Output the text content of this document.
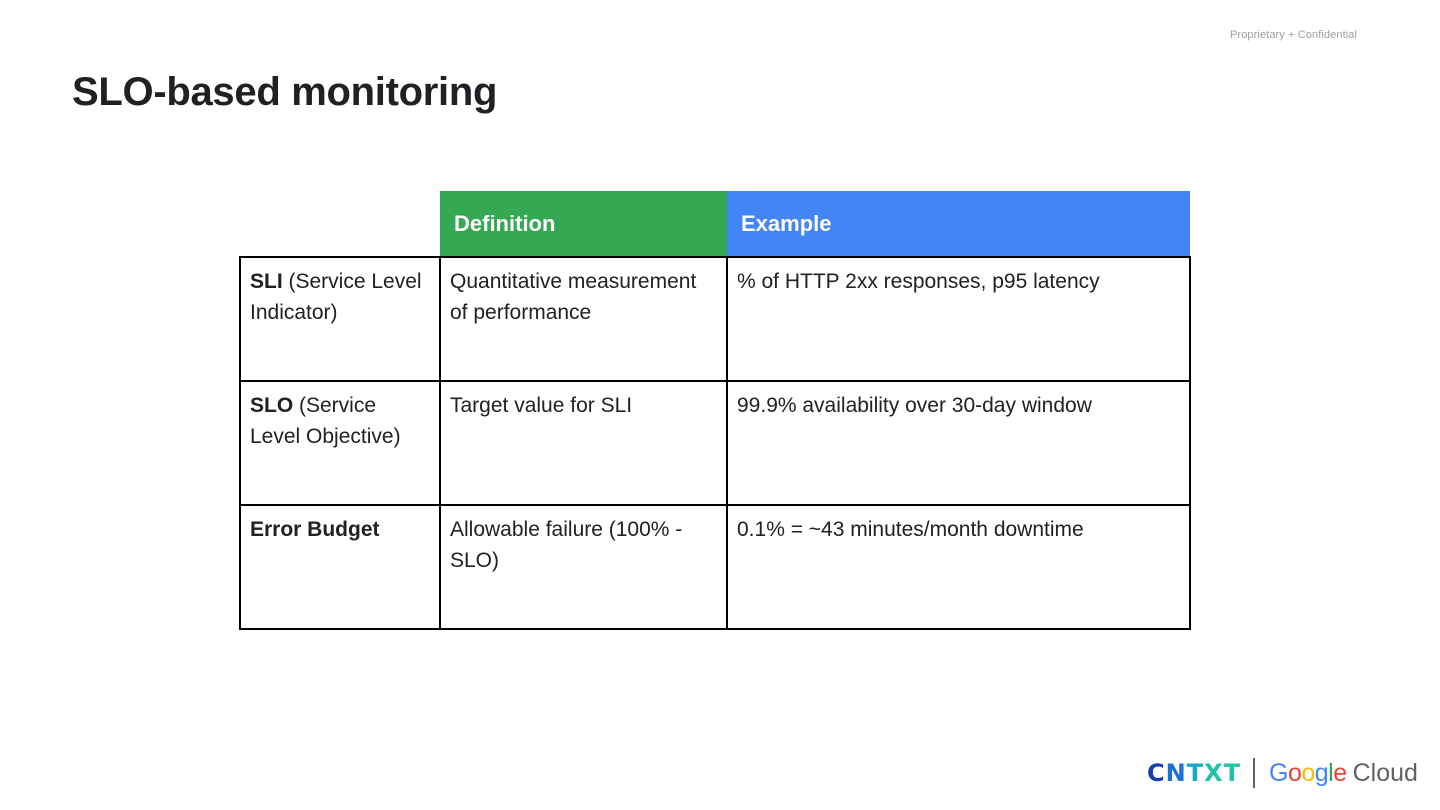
Proprietary + Confidential
SLO-based monitoring
	Definition	Example
SLI (Service Level Indicator)	Quantitative measurement of performance	% of HTTP 2xx responses, p95 latency
SLO (Service Level Objective)	Target value for SLI	99.9% availability over 30-day window
Error Budget	Allowable failure (100% - SLO)	0.1% = ~43 minutes/month downtime
CNTXT Google Cloud
